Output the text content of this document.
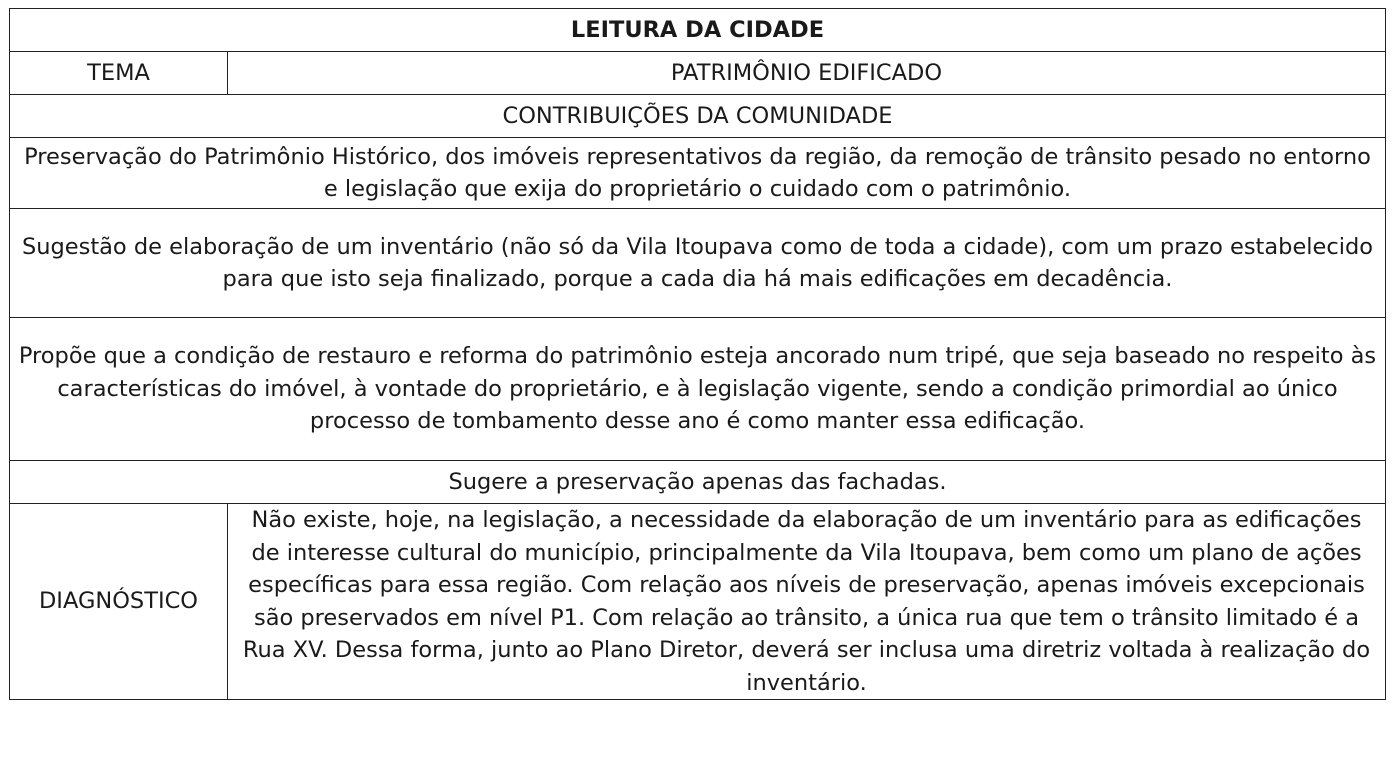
LEITURA DA CIDADE	
TEMA	PATRIMÔNIO EDIFICADO
CONTRIBUIÇÕES DA COMUNIDADE	
Preservação do Patrimônio Histórico, dos imóveis representativos da região, da remoção de trânsito pesado no entorno e legislação que exija do proprietário o cuidado com o patrimônio.	
Sugestão de elaboração de um inventário (não só da Vila Itoupava como de toda a cidade), com um prazo estabelecido para que isto seja finalizado, porque a cada dia há mais edificações em decadência.	
Propõe que a condição de restauro e reforma do patrimônio esteja ancorado num tripé, que seja baseado no respeito às características do imóvel, à vontade do proprietário, e à legislação vigente, sendo a condição primordial ao único processo de tombamento desse ano é como manter essa edificação.	
Sugere a preservação apenas das fachadas.	
DIAGNÓSTICO	Não existe, hoje, na legislação, a necessidade da elaboração de um inventário para as edificações de interesse cultural do município, principalmente da Vila Itoupava, bem como um plano de ações específicas para essa região. Com relação aos níveis de preservação, apenas imóveis excepcionais são preservados em nível P1. Com relação ao trânsito, a única rua que tem o trânsito limitado é a Rua XV. Dessa forma, junto ao Plano Diretor, deverá ser inclusa uma diretriz voltada à realização do inventário.
